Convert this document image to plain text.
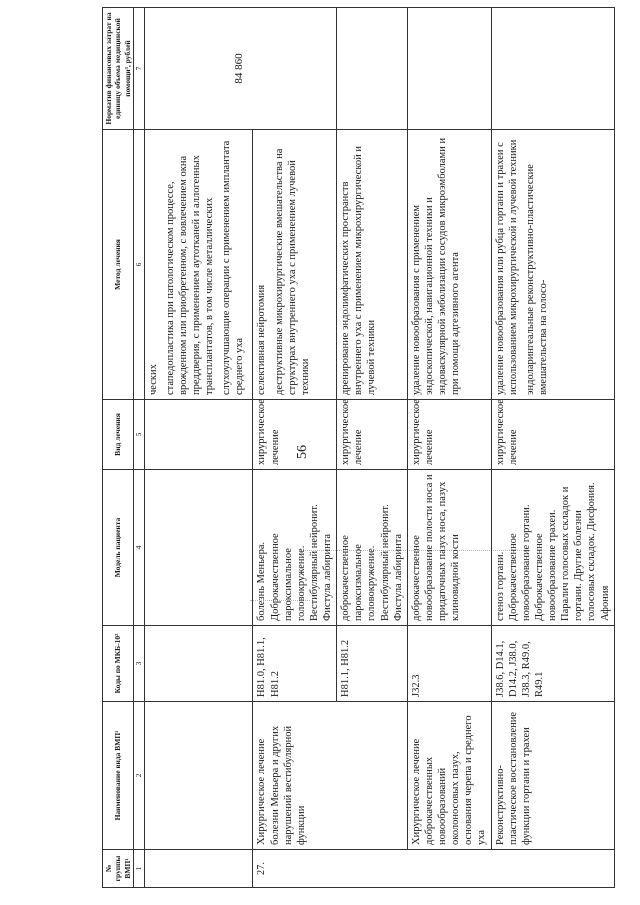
56
№ группы ВМП¹	Наименование вида ВМП¹	Коды по МКБ-10²	Модель пациента	Вид лечения	Метод лечения	Норматив финансовых затрат на единицу объема медицинской помощи³, рублей
1	2	3	4	5	6	7

					ческих стапедопластика при патологическом процессе, врожденном или приобретенном, с вовлечением окна преддверия, с применением аутотканей и аллогенных трансплантатов, в том числе металлических слухоулучшающие операции с применением имплантата среднего уха	84 860
27.	Хирургическое лечение болезни Меньера и других нарушений вестибулярной функции	H81.0, H81.1, H81.2	болезнь Меньера. Доброкачественное пароксимальное головокружение. Вестибулярный нейронит. Фистула лабиринта	хирургическое лечение	селективная нейротомия деструктивные микрохирургические вмешательства на структурах внутреннего уха с применением лучевой техники	

		H81.1, H81.2	доброкачественное пароксизмальное головокружение. Вестибулярный нейронит. Фистула лабиринта	хирургическое лечение	дренирование эндолимфатических пространств внутреннего уха с применением микрохирургической и лучевой техники	
	Хирургическое лечение доброкачественных новообразований околоносовых пазух, основания черепа и среднего уха	J32.3	доброкачественное новообразование полости носа и придаточных пазух носа, пазух клиновидной кости	хирургическое лечение	удаление новообразования с применением эндоскопической, навигационной техники и эндоваскулярной эмболизации сосудов микроэмболами и при помощи адгезивного агента	
	Реконструктивно-пластическое восстановление функции гортани и трахеи	J38.6, D14.1, D14.2, J38.0, J38.3, R49.0, R49.1	стеноз гортани. Доброкачественное новообразование гортани. Доброкачественное новообразование трахеи. Паралич голосовых складок и гортани. Другие болезни голосовых складок. Дисфония. Афония	хирургическое лечение	удаление новообразования или рубца гортани и трахеи с использованием микрохирургической и лучевой техники эндоларингеальные реконструктивно-пластические вмешательства на голосо-	
